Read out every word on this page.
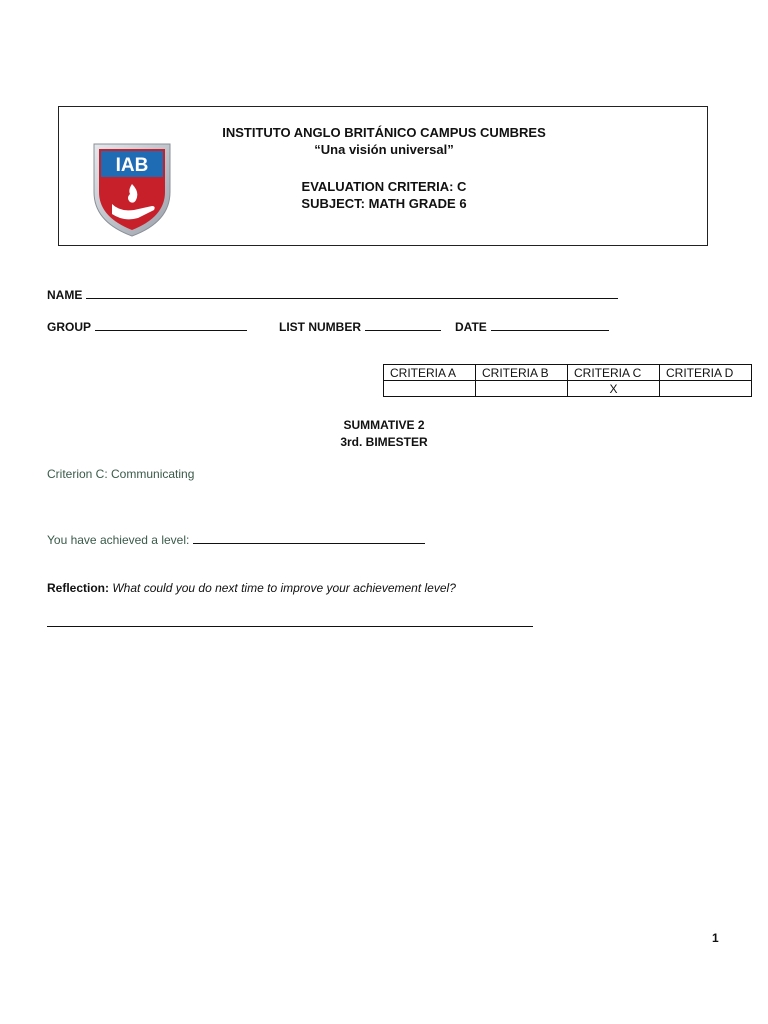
IAB
INSTITUTO ANGLO BRITÁNICO CAMPUS CUMBRES
“Una visión universal”
EVALUATION CRITERIA: C
SUBJECT: MATH GRADE 6
NAME
GROUP	LIST NUMBER	DATE
CRITERIA A	CRITERIA B	CRITERIA C	CRITERIA D
		X	
SUMMATIVE 2
3rd. BIMESTER
Criterion C: Communicating
You have achieved a level:
Reflection: What could you do next time to improve your achievement level?
1
